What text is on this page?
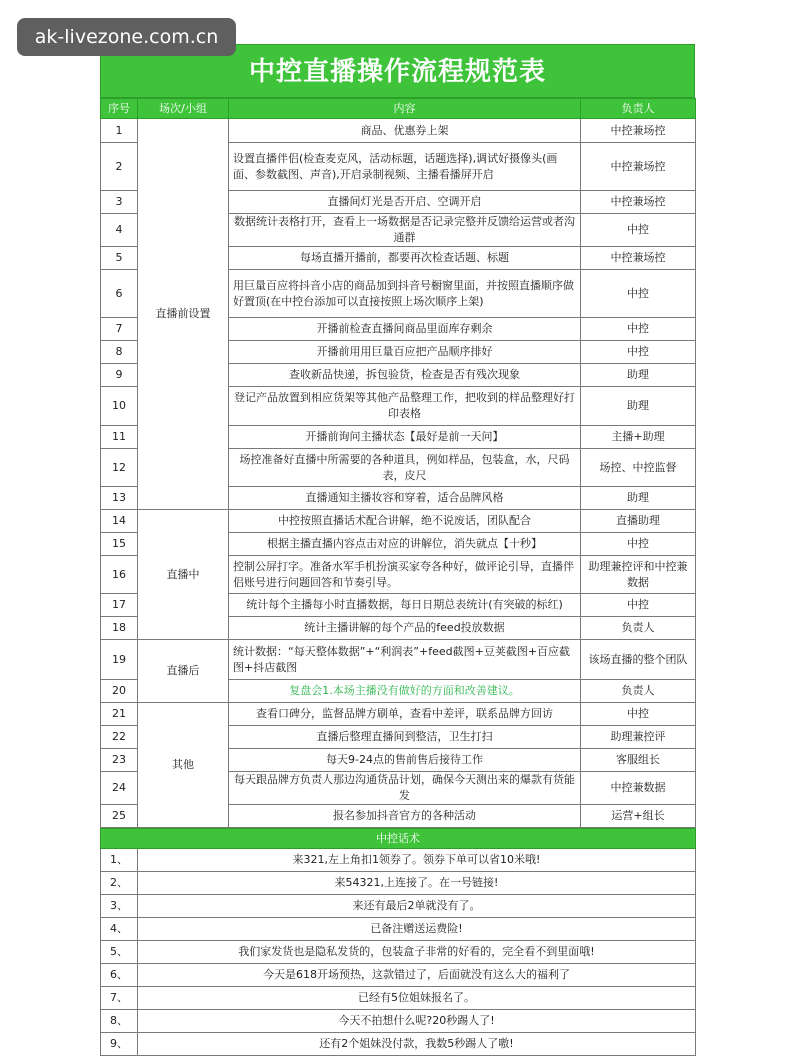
ak-livezone.com.cn
中控直播操作流程规范表
序号	场次/小组	内容	负责人
1	直播前设置	商品、优惠券上架	中控兼场控
2		设置直播伴侣(检查麦克风，活动标题，话题选择),调试好摄像头(画面、参数截图、声音),开启录制视频、主播看播屏开启	中控兼场控
3		直播间灯光是否开启、空调开启	中控兼场控
4		数据统计表格打开，查看上一场数据是否记录完整并反馈给运营或者沟通群	中控
5		每场直播开播前，都要再次检查话题、标题	中控兼场控
6		用巨量百应将抖音小店的商品加到抖音号橱窗里面，并按照直播顺序做好置顶(在中控台添加可以直接按照上场次顺序上架)	中控
7		开播前检查直播间商品里面库存剩余	中控
8		开播前用用巨量百应把产品顺序排好	中控
9		查收新品快递，拆包验货，检查是否有残次现象	助理
10		登记产品放置到相应货架等其他产品整理工作，把收到的样品整理好打印表格	助理
11		开播前询问主播状态【最好是前一天问】	主播+助理
12		场控准备好直播中所需要的各种道具，例如样品，包装盒，水，尺码表，皮尺	场控、中控监督
13		直播通知主播妆容和穿着，适合品牌风格	助理
14	直播中	中控按照直播话术配合讲解，绝不说废话，团队配合	直播助理
15		根据主播直播内容点击对应的讲解位，消失就点【十秒】	中控
16		控制公屏打字。准备水军手机扮演买家夸各种好，做评论引导，直播伴侣账号进行问题回答和节奏引导。	助理兼控评和中控兼数据
17		统计每个主播每小时直播数据，每日日期总表统计(有突破的标红)	中控
18		统计主播讲解的每个产品的feed投放数据	负责人
19	直播后	统计数据：“每天整体数据”+“利润表”+feed截图+豆荚截图+百应截图+抖店截图	该场直播的整个团队
20		复盘会1.本场主播没有做好的方面和改善建议。	负责人
21	其他	查看口碑分，监督品牌方刷单，查看中差评，联系品牌方回访	中控
22		直播后整理直播间到整洁，卫生打扫	助理兼控评
23		每天9-24点的售前售后接待工作	客服组长
24		每天跟品牌方负责人那边沟通货品计划，确保今天测出来的爆款有货能发	中控兼数据
25		报名参加抖音官方的各种活动	运营+组长
中控话术	
1、	来321,左上角扣1领券了。领券下单可以省10米哦!
2、	来54321,上连接了。在一号链接!
3、	来还有最后2单就没有了。
4、	已备注赠送运费险!
5、	我们家发货也是隐私发货的，包装盒子非常的好看的，完全看不到里面哦!
6、	今天是618开场预热，这款错过了，后面就没有这么大的福利了
7、	已经有5位姐妹报名了。
8、	今天不拍想什么呢?20秒踢人了!
9、	还有2个姐妹没付款，我数5秒踢人了嗷!
